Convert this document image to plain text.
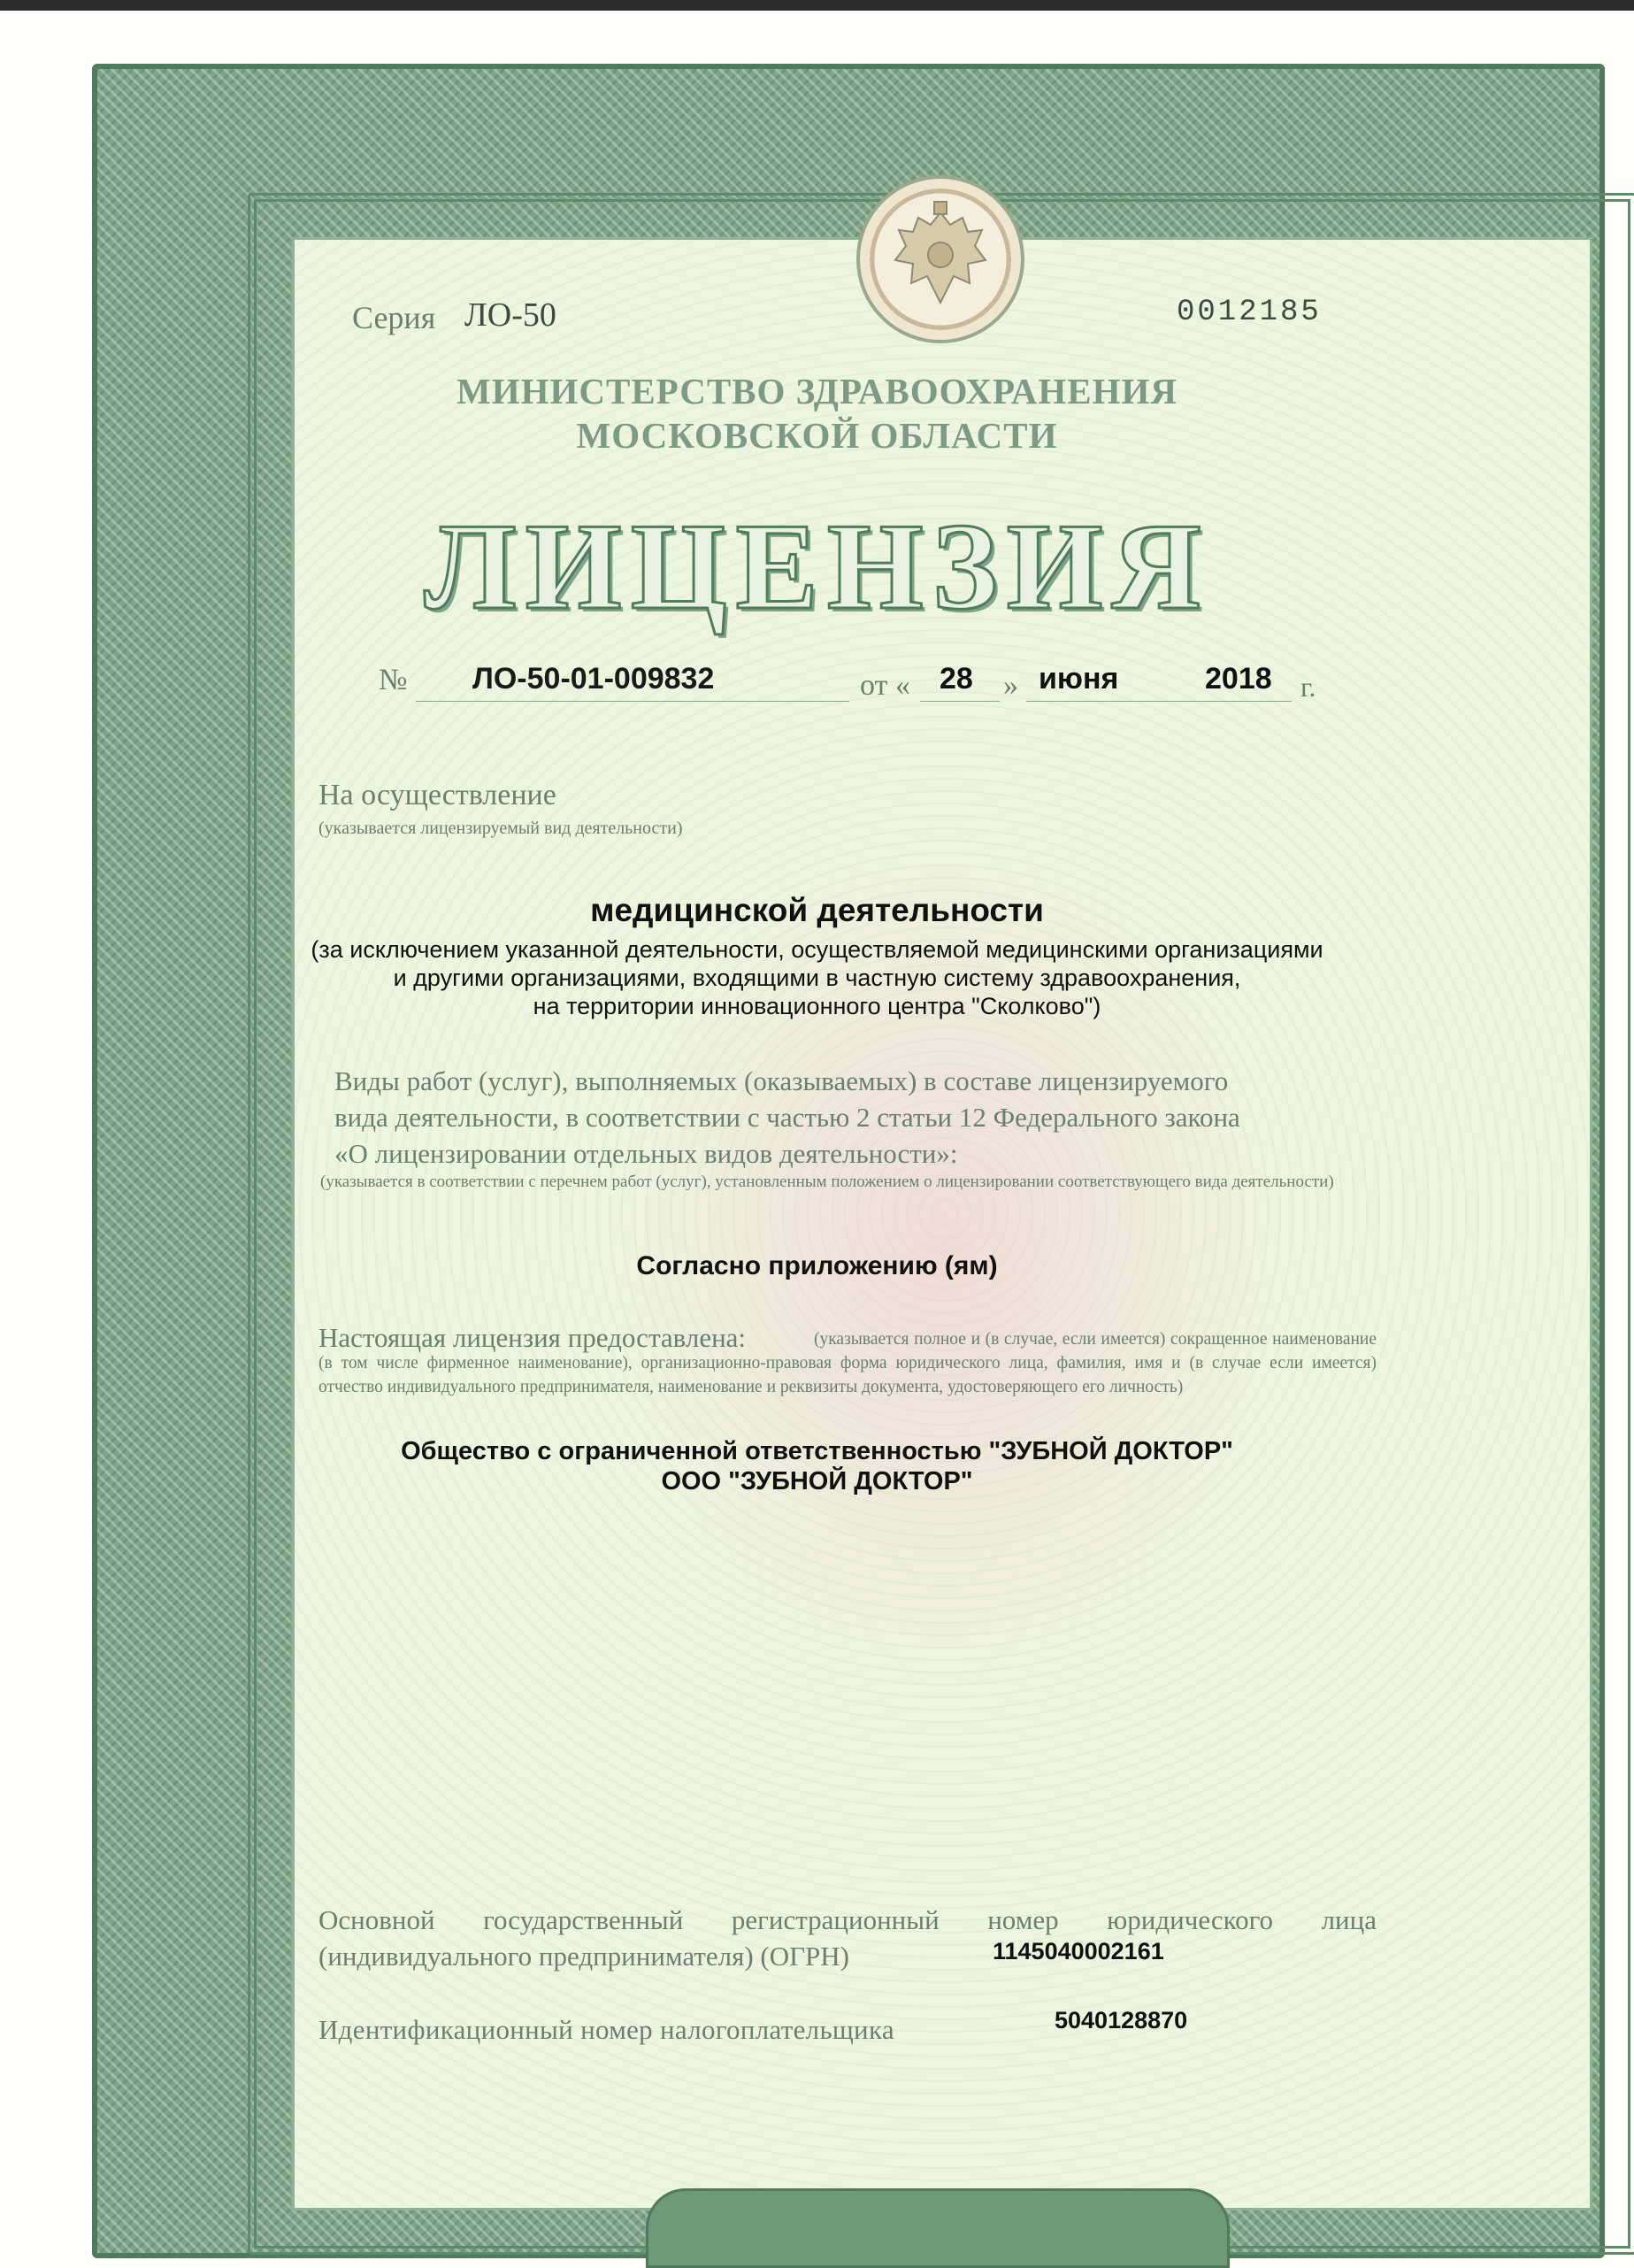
Серия ЛО-50	0012185
МИНИСТЕРСТВО ЗДРАВООХРАНЕНИЯ
МОСКОВСКОЙ ОБЛАСТИ
ЛИЦЕНЗИЯ
№ ЛО-50-01-009832	от « 28 » июня	2018 г.
На осуществление
(указывается лицензируемый вид деятельности)
медицинской деятельности
(за исключением указанной деятельности, осуществляемой медицинскими организациями
и другими организациями, входящими в частную систему здравоохранения,
на территории инновационного центра "Сколково")
Виды работ (услуг), выполняемых (оказываемых) в составе лицензируемого
вида деятельности, в соответствии с частью 2 статьи 12 Федерального закона
«О лицензировании отдельных видов деятельности»:
(указывается в соответствии с перечнем работ (услуг), установленным положением о лицензировании соответствующего вида деятельности)
Согласно приложению (ям)
Настоящая лицензия предоставлена:	(указывается полное и (в случае, если имеется) сокращенное наименование (в том числе фирменное наименование), организационно-правовая форма юридического лица, фамилия, имя и (в случае если имеется) отчество индивидуального предпринимателя, наименование и реквизиты документа, удостоверяющего его личность)
Общество с ограниченной ответственностью "ЗУБНОЙ ДОКТОР"
ООО "ЗУБНОЙ ДОКТОР"
Основной государственный регистрационный номер юридического лица
(индивидуального предпринимателя) (ОГРН)	1145040002161
Идентификационный номер налогоплательщика	5040128870
